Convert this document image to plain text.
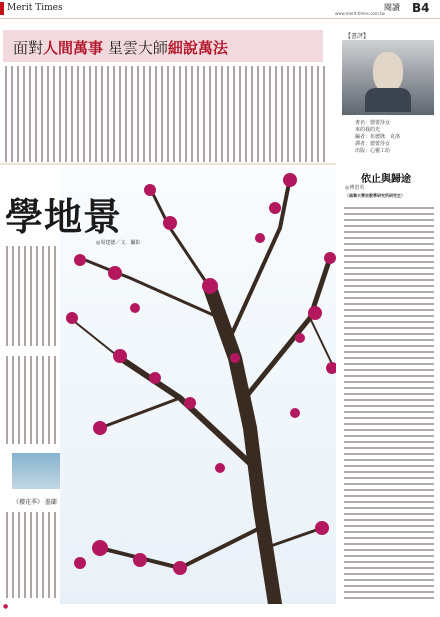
Merit Times	閱讀
www.merit-times.com.tw B4
面對人間萬事 星雲大師細說萬法
【書評】
書名：德蕾莎女
來的我的光
編者：布德隆．克洛
譯者：德蕾莎女
出版：心靈工坊
依止與歸途
◎傅恩英
（南華大學宗教學研究所研究生）
學地景
◎周建德／文．攝影
《櫻花季》 墨蘭
●
